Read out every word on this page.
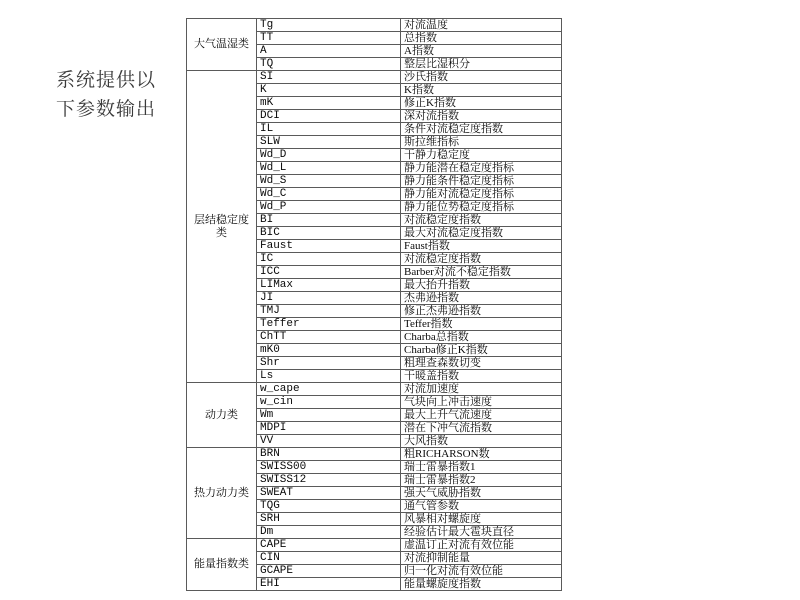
系统提供以
下参数输出
大气温湿类	Tg	对流温度
	TT	总指数
	A	A指数
	TQ	整层比湿积分

层结稳定度类	SI	沙氏指数
	K	K指数
	mK	修正K指数
	DCI	深对流指数
	IL	条件对流稳定度指数
	SLW	斯拉维指标
	Wd_D	干静力稳定度
	Wd_L	静力能潜在稳定度指标
	Wd_S	静力能条件稳定度指标
	Wd_C	静力能对流稳定度指标
	Wd_P	静力能位势稳定度指标
	BI	对流稳定度指数
	BIC	最大对流稳定度指数
	Faust	Faust指数
	IC	对流稳定度指数
	ICC	Barber对流不稳定指数
	LIMax	最大抬升指数
	JI	杰弗逊指数
	TMJ	修正杰弗逊指数
	Teffer	Teffer指数
	ChTT	Charba总指数
	mK0	Charba修正K指数
	Shr	粗理查森数切变
	Ls	干暖盖指数

动力类	w_cape	对流加速度
	w_cin	气块向上冲击速度
	Wm	最大上升气流速度
	MDPI	潜在下冲气流指数
	VV	大风指数

热力动力类	BRN	粗RICHARSON数
	SWISS00	瑞士雷暴指数1
	SWISS12	瑞士雷暴指数2
	SWEAT	强天气威胁指数
	TQG	通气管参数
	SRH	风暴相对螺旋度
	Dm	经验估计最大雹块直径

能量指数类	CAPE	虚温订正对流有效位能
	CIN	对流抑制能量
	GCAPE	归一化对流有效位能
	EHI	能量螺旋度指数
